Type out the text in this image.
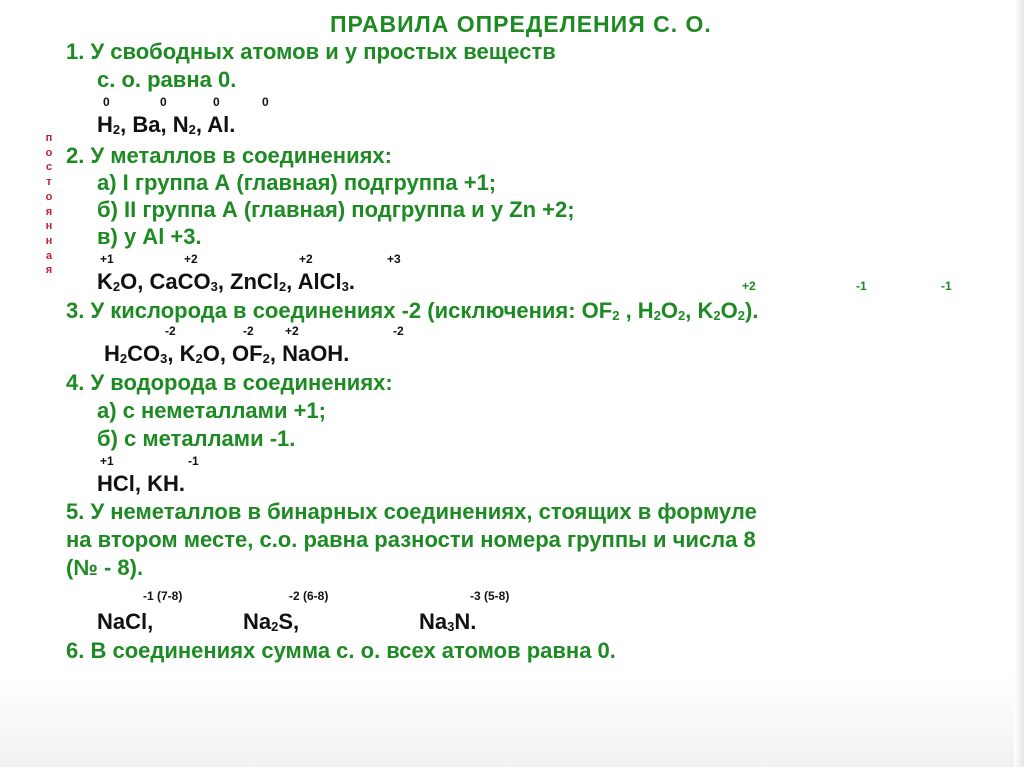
ПРАВИЛА ОПРЕДЕЛЕНИЯ С. О.
1. У свободных атомов и у простых веществ
с. о. равна 0.
0	0	0	0
$H_2$, Ba, $N_2$, Al.
п
о
с
т
о
я
н
н
а
я
2. У металлов в соединениях:
а) I группа А (главная) подгруппа +1;
б) II группа А (главная) подгруппа и у Zn +2;
в) у Al +3.
+1	+2	+2	+3
$K_2O$, CaCO$_3$, ZnCl$_2$, AlCl$_3$.	+2	-1	-1
3. У кислорода в соединениях -2 (исключения: $OF_2$ , $H_2O_2$, $K_2O_2$).
-2	-2	+2	-2
$H_2CO_3$, $K_2O$, $OF_2$, NaOH.
4. У водорода в соединениях:
а) с неметаллами +1;
б) с металлами -1.
+1	-1
HCl, KH.
5. У неметаллов в бинарных соединениях, стоящих в формуле
на втором месте, с.о. равна разности номера группы и числа 8
(№ - 8).
-1 (7-8)	-2 (6-8)	-3 (5-8)
NaCl,	$Na_2S$,	$Na_3N$.
6. В соединениях сумма с. о. всех атомов равна 0.
